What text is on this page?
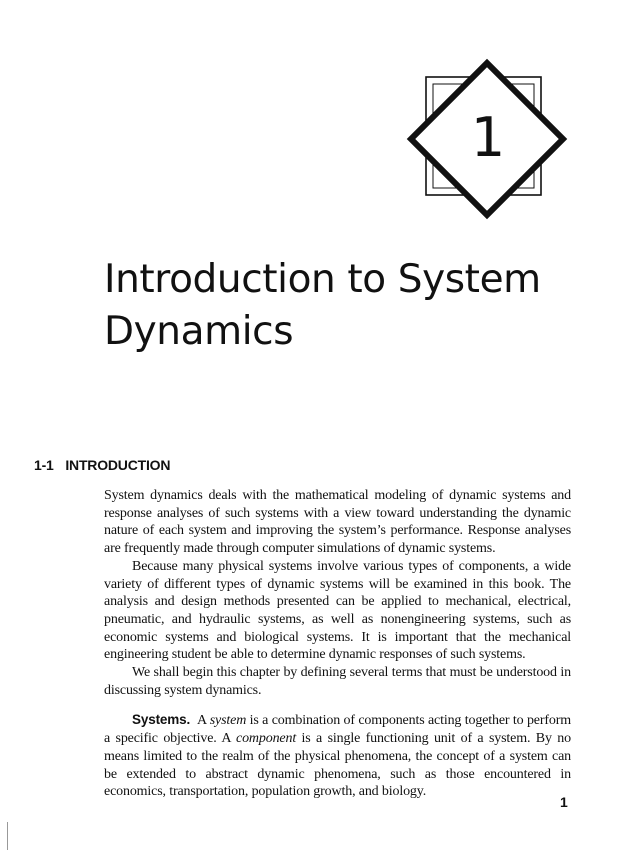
1
Introduction to System
Dynamics
1-1 INTRODUCTION

System dynamics deals with the mathematical modeling of dynamic systems and response analyses of such systems with a view toward understanding the dynamic nature of each system and improving the system’s performance. Response analyses are frequently made through computer simulations of dynamic systems.

Because many physical systems involve various types of components, a wide variety of different types of dynamic systems will be examined in this book. The analysis and design methods presented can be applied to mechanical, electrical, pneumatic, and hydraulic systems, as well as nonengineering systems, such as economic systems and biological systems. It is important that the mechanical engineering student be able to determine dynamic responses of such systems.

We shall begin this chapter by defining several terms that must be understood in discussing system dynamics.

Systems. A system is a combination of components acting together to perform a specific objective. A component is a single functioning unit of a system. By no means limited to the realm of the physical phenomena, the concept of a system can be extended to abstract dynamic phenomena, such as those encountered in economics, transportation, population growth, and biology.

1
